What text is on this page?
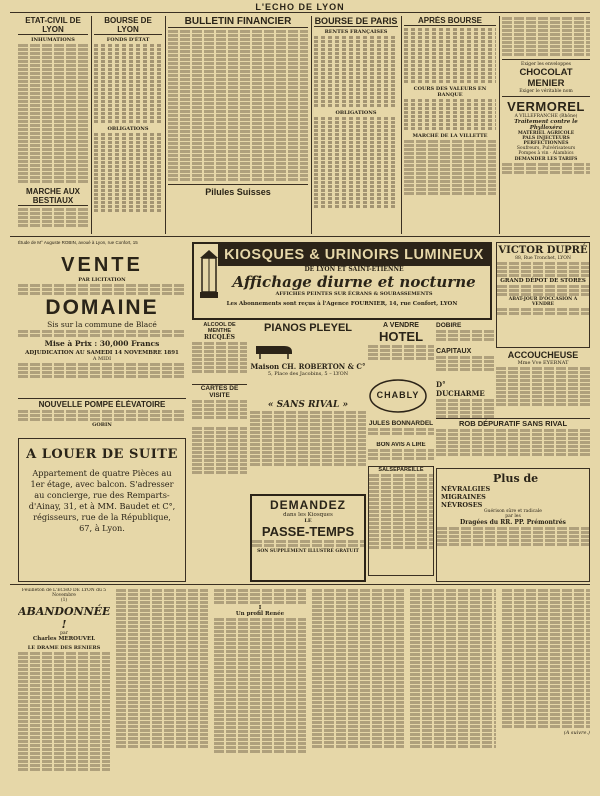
L'ECHO DE LYON
ETAT-CIVIL DE LYON
INHUMATIONS
MARCHE AUX BESTIAUX
BOURSE DE LYON
FONDS D'ÉTAT
OBLIGATIONS
BULLETIN FINANCIER
Pilules Suisses
BOURSE DE PARIS
RENTES FRANÇAISES
OBLIGATIONS
APRÈS BOURSE
COURS DES VALEURS EN BANQUE
MARCHÉ DE LA VILLETTE
Exiger les enveloppes
CHOCOLAT MENIER
Exiger le véritable nom
VERMOREL
A VILLEFRANCHE (Rhône)
Traitement contre le Phylloxéra
MATÉRIEL AGRICOLE
PALS INJECTEURS PERFECTIONNÉS
Soufreurs, Pulvérisateurs
Pompes à vin · Alambics
DEMANDER LES TARIFS
Étude de M° Auguste ROBIN, avoué à Lyon, rue Confort, 15
VENTE
PAR LICITATION
DOMAINE
Sis sur la commune de Blacé
Mise à Prix : 30,000 Francs
ADJUDICATION AU SAMEDI 14 NOVEMBRE 1891
A MIDI
NOUVELLE POMPE ÉLÉVATOIRE
GOBIN
A LOUER DE SUITE
Appartement de quatre Pièces au 1er étage, avec balcon. S'adresser au concierge, rue des Remparts-d'Ainay, 31, et à MM. Baudet et C°, régisseurs, rue de la République, 67, à Lyon.
KIOSQUES & URINOIRS LUMINEUX
DE LYON ET SAINT-ÉTIENNE
Affichage diurne et nocturne
AFFICHES PEINTES SUR ÉCRANS & SOUBASSEMENTS
Les Abonnements sont reçus à l'Agence FOURNIER, 14, rue Confort, LYON
ALCOOL DE MENTHE
RICQLÈS
CARTES DE VISITE
PIANOS PLEYEL
Maison CH. ROBERTON & C°
5, Place des Jacobins, 5 – LYON
« SANS RIVAL »
A VENDRE
HOTEL
CHABLY
JULES BONNARDEL
BON AVIS A LIRE
SALSEPAREILLE
DOBIRE
CAPITAUX
D° DUCHARME
VICTOR DUPRÉ
88, Rue Tronchet, LYON
GRAND DÉPOT DE STORES
ABAT-JOUR D'OCCASION A VENDRE
ACCOUCHEUSE
Mme Vve EYERNAT
ROB DÉPURATIF SANS RIVAL
DEMANDEZ
dans les Kiosques
LE
PASSE-TEMPS
SON SUPPLÉMENT ILLUSTRÉ GRATUIT
Plus de
NÉVRALGIES
MIGRAINES
NÉVROSES
Guérison sûre et radicale
par les
Dragées du RR. PP. Prémontrés
Feuilleton de L'ÉCHO DE LYON du 5 Novembre
(1)
ABANDONNÉE !
par
Charles MEROUVEL
LE DRAME DES RENIERS
I
Un profil Renée
(A suivre.)
